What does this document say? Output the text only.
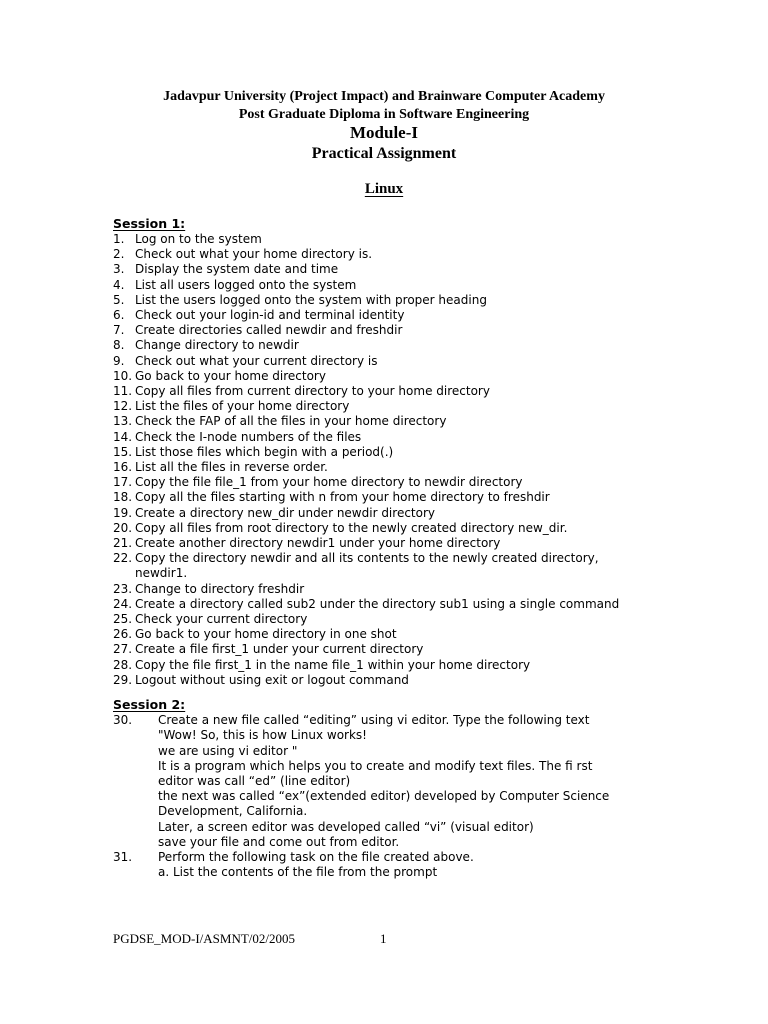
Jadavpur University (Project Impact) and Brainware Computer Academy
Post Graduate Diploma in Software Engineering
Module-I
Practical Assignment
Linux
Session 1:
1. Log on to the system
2. Check out what your home directory is.
3. Display the system date and time
4. List all users logged onto the system
5. List the users logged onto the system with proper heading
6. Check out your login-id and terminal identity
7. Create directories called newdir and freshdir
8. Change directory to newdir
9. Check out what your current directory is
10. Go back to your home directory
11. Copy all files from current directory to your home directory
12. List the files of your home directory
13. Check the FAP of all the files in your home directory
14. Check the I-node numbers of the files
15. List those files which begin with a period(.)
16. List all the files in reverse order.
17. Copy the file file_1 from your home directory to newdir directory
18. Copy all the files starting with n from your home directory to freshdir
19. Create a directory new_dir under newdir directory
20. Copy all files from root directory to the newly created directory new_dir.
21. Create another directory newdir1 under your home directory
22. Copy the directory newdir and all its contents to the newly created directory,
newdir1.
23. Change to directory freshdir
24. Create a directory called sub2 under the directory sub1 using a single command
25. Check your current directory
26. Go back to your home directory in one shot
27. Create a file first_1 under your current directory
28. Copy the file first_1 in the name file_1 within your home directory
29. Logout without using exit or logout command
Session 2:
30.	Create a new file called “editing” using vi editor. Type the following text
"Wow! So, this is how Linux works!
we are using vi editor "
It is a program which helps you to create and modify text files. The fi rst
editor was call “ed” (line editor)
the next was called “ex”(extended editor) developed by Computer Science
Development, California.
Later, a screen editor was developed called “vi” (visual editor)
save your file and come out from editor.
31.	Perform the following task on the file created above.
a. List the contents of the file from the prompt
PGDSE_MOD-I/ASMNT/02/2005	1
